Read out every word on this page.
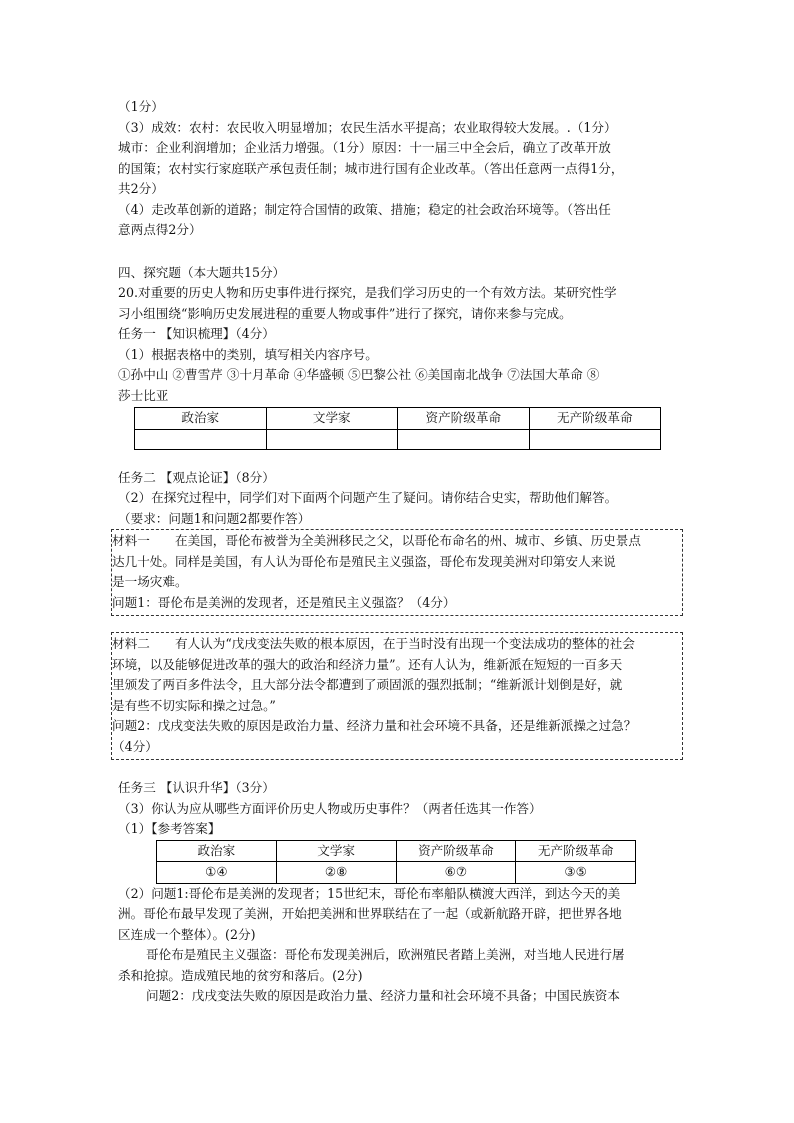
（1分）
（3）成效：农村：农民收入明显增加；农民生活水平提高；农业取得较大发展。.（1分）
城市：企业利润增加；企业活力增强。（1分）原因：十一届三中全会后，确立了改革开放
的国策；农村实行家庭联产承包责任制；城市进行国有企业改革。（答出任意两一点得1分，
共2分）
（4）走改革创新的道路；制定符合国情的政策、措施；稳定的社会政治环境等。（答出任
意两点得2分）
四、探究题（本大题共15分）
20.对重要的历史人物和历史事件进行探究，是我们学习历史的一个有效方法。某研究性学
习小组围绕“影响历史发展进程的重要人物或事件”进行了探究，请你来参与完成。
任务一 【知识梳理】（4分）
（1）根据表格中的类别，填写相关内容序号。
①孙中山 ②曹雪芹 ③十月革命 ④华盛顿 ⑤巴黎公社 ⑥美国南北战争 ⑦法国大革命 ⑧
莎士比亚
政治家	文学家	资产阶级革命	无产阶级革命

任务二 【观点论证】（8分）
（2）在探究过程中，同学们对下面两个问题产生了疑问。请你结合史实，帮助他们解答。
（要求：问题1和问题2都要作答）
材料一　　在美国，哥伦布被誉为全美洲移民之父，以哥伦布命名的州、城市、乡镇、历史景点
达几十处。同样是美国，有人认为哥伦布是殖民主义强盗，哥伦布发现美洲对印第安人来说
是一场灾难。
问题1：哥伦布是美洲的发现者，还是殖民主义强盗？（4分）
材料二　　有人认为“戊戌变法失败的根本原因，在于当时没有出现一个变法成功的整体的社会
环境，以及能够促进改革的强大的政治和经济力量”。还有人认为，维新派在短短的一百多天
里颁发了两百多件法令，且大部分法令都遭到了顽固派的强烈抵制；“维新派计划倒是好，就
是有些不切实际和操之过急。”
问题2：戊戌变法失败的原因是政治力量、经济力量和社会环境不具备，还是维新派操之过急？
（4分）
任务三 【认识升华】（3分）
（3）你认为应从哪些方面评价历史人物或历史事件？（两者任选其一作答）
（1）【参考答案】
政治家	文学家	资产阶级革命	无产阶级革命
①④	②⑧	⑥⑦	③⑤
（2）问题1:哥伦布是美洲的发现者；15世纪末，哥伦布率船队横渡大西洋，到达今天的美
洲。哥伦布最早发现了美洲，开始把美洲和世界联结在了一起（或新航路开辟，把世界各地
区连成一个整体）。(2分)
哥伦布是殖民主义强盗：哥伦布发现美洲后，欧洲殖民者踏上美洲，对当地人民进行屠
杀和抢掠。造成殖民地的贫穷和落后。(2分)
问题2：戊戌变法失败的原因是政治力量、经济力量和社会环境不具备；中国民族资本
